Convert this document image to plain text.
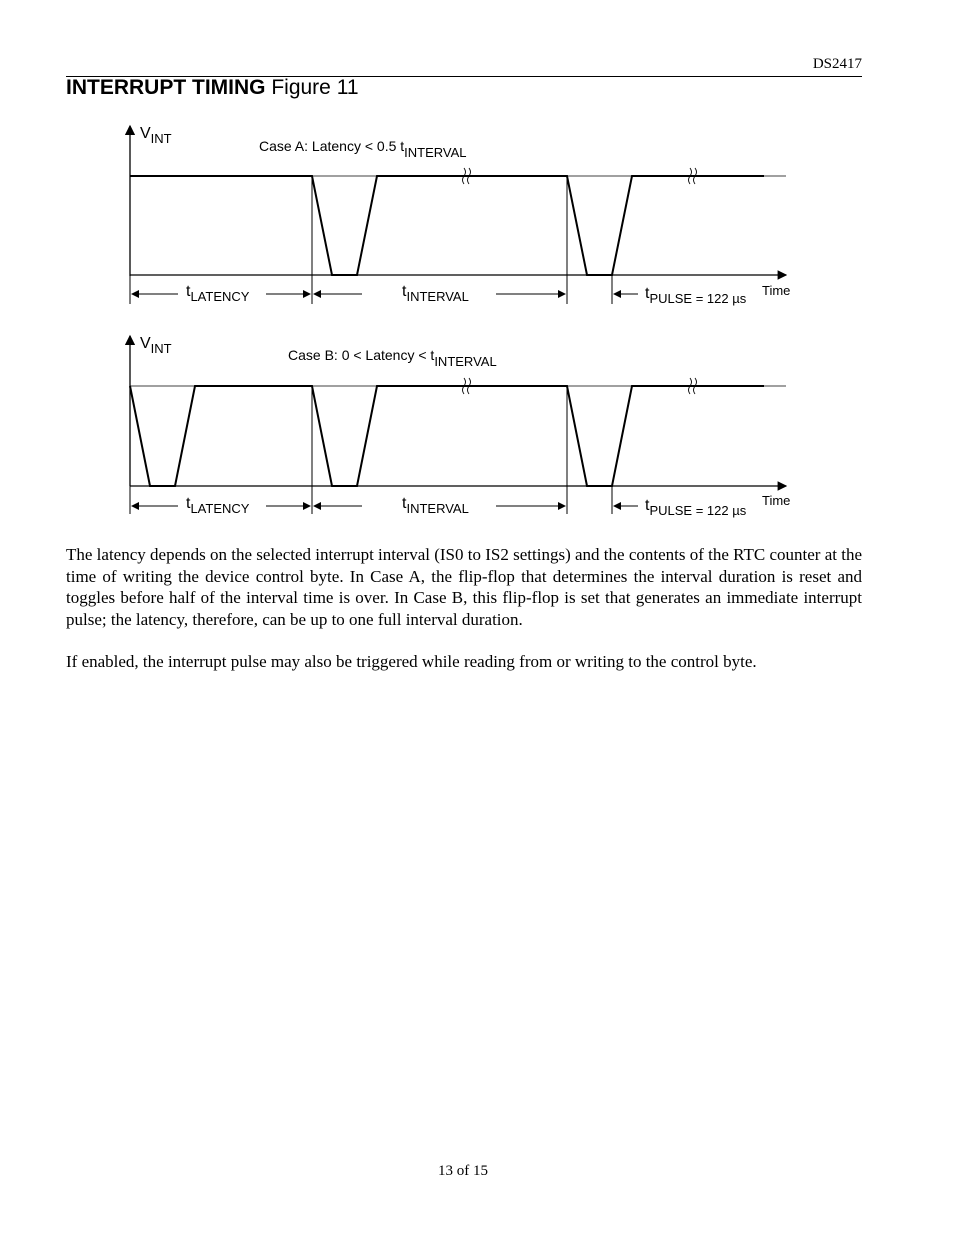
DS2417
INTERRUPT TIMING Figure 11
$V_{INT}$	Case A: Latency < 0.5 tINTERVAL
Time
$t_{LATENCY}$	$t_{INTERVAL}$	$t_{PULSE} = 122$ µs
$V_{INT}$	Case B: 0 < Latency < tINTERVAL
Time
$t_{LATENCY}$	$t_{INTERVAL}$	$t_{PULSE} = 122$ µs

The latency depends on the selected interrupt interval (IS0 to IS2 settings) and the contents of the RTC counter at the time of writing the device control byte. In Case A, the flip-flop that determines the interval duration is reset and toggles before half of the interval time is over. In Case B, this flip-flop is set that generates an immediate interrupt pulse; the latency, therefore, can be up to one full interval duration.

If enabled, the interrupt pulse may also be triggered while reading from or writing to the control byte.

13 of 15
